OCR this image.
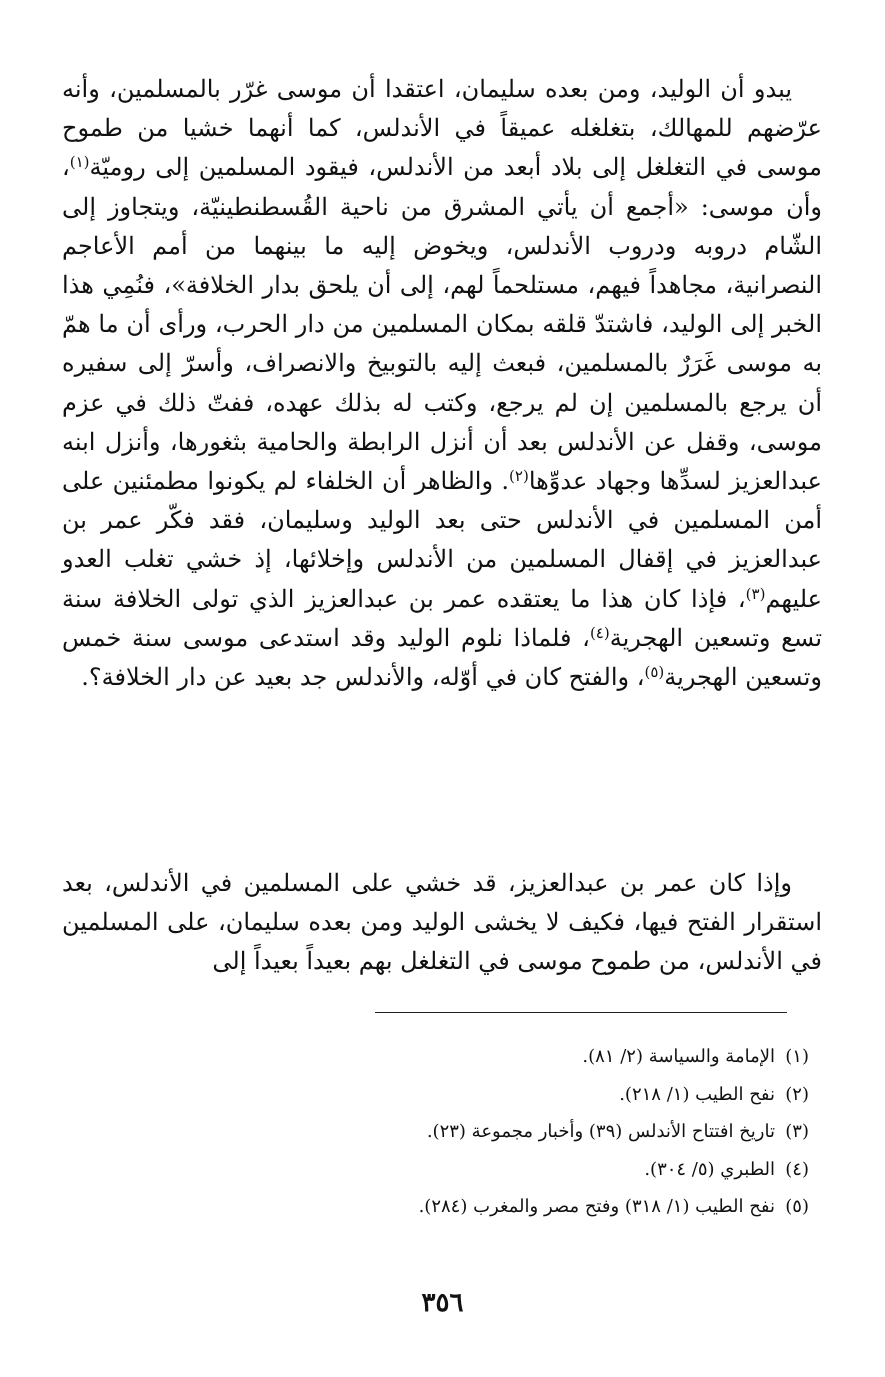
يبدو أن الوليد، ومن بعده سليمان، اعتقدا أن موسى غرّر بالمسلمين، وأنه عرّضهم للمهالك، بتغلغله عميقاً في الأندلس، كما أنهما خشيا من طموح موسى في التغلغل إلى بلاد أبعد من الأندلس، فيقود المسلمين إلى روميّة$^{(١)}$، وأن موسى: «أجمع أن يأتي المشرق من ناحية القُسطنطينيّة، ويتجاوز إلى الشّام دروبه ودروب الأندلس، ويخوض إليه ما بينهما من أمم الأعاجم النصرانية، مجاهداً فيهم، مستلحماً لهم، إلى أن يلحق بدار الخلافة»، فنُمِي هذا الخبر إلى الوليد، فاشتدّ قلقه بمكان المسلمين من دار الحرب، ورأى أن ما همّ به موسى غَرَرٌ بالمسلمين، فبعث إليه بالتوبيخ والانصراف، وأسرّ إلى سفيره أن يرجع بالمسلمين إن لم يرجع، وكتب له بذلك عهده، ففتّ ذلك في عزم موسى، وقفل عن الأندلس بعد أن أنزل الرابطة والحامية بثغورها، وأنزل ابنه عبدالعزيز لسدِّها وجهاد عدوِّها$^{(٢)}$. والظاهر أن الخلفاء لم يكونوا مطمئنين على أمن المسلمين في الأندلس حتى بعد الوليد وسليمان، فقد فكّر عمر بن عبدالعزيز في إقفال المسلمين من الأندلس وإخلائها، إذ خشي تغلب العدو عليهم$^{(٣)}$، فإذا كان هذا ما يعتقده عمر بن عبدالعزيز الذي تولى الخلافة سنة تسع وتسعين الهجرية$^{(٤)}$، فلماذا نلوم الوليد وقد استدعى موسى سنة خمس وتسعين الهجرية$^{(٥)}$، والفتح كان في أوّله، والأندلس جد بعيد عن دار الخلافة؟.

وإذا كان عمر بن عبدالعزيز، قد خشي على المسلمين في الأندلس، بعد استقرار الفتح فيها، فكيف لا يخشى الوليد ومن بعده سليمان، على المسلمين في الأندلس، من طموح موسى في التغلغل بهم بعيداً بعيداً إلى

(١)الإمامة والسياسة (٢/ ٨١).
(٢)نفح الطيب (١/ ٢١٨).
(٣)تاريخ افتتاح الأندلس (٣٩) وأخبار مجموعة (٢٣).
(٤)الطبري (٥/ ٣٠٤).
(٥)نفح الطيب (١/ ٣١٨) وفتح مصر والمغرب (٢٨٤).
٣٥٦
